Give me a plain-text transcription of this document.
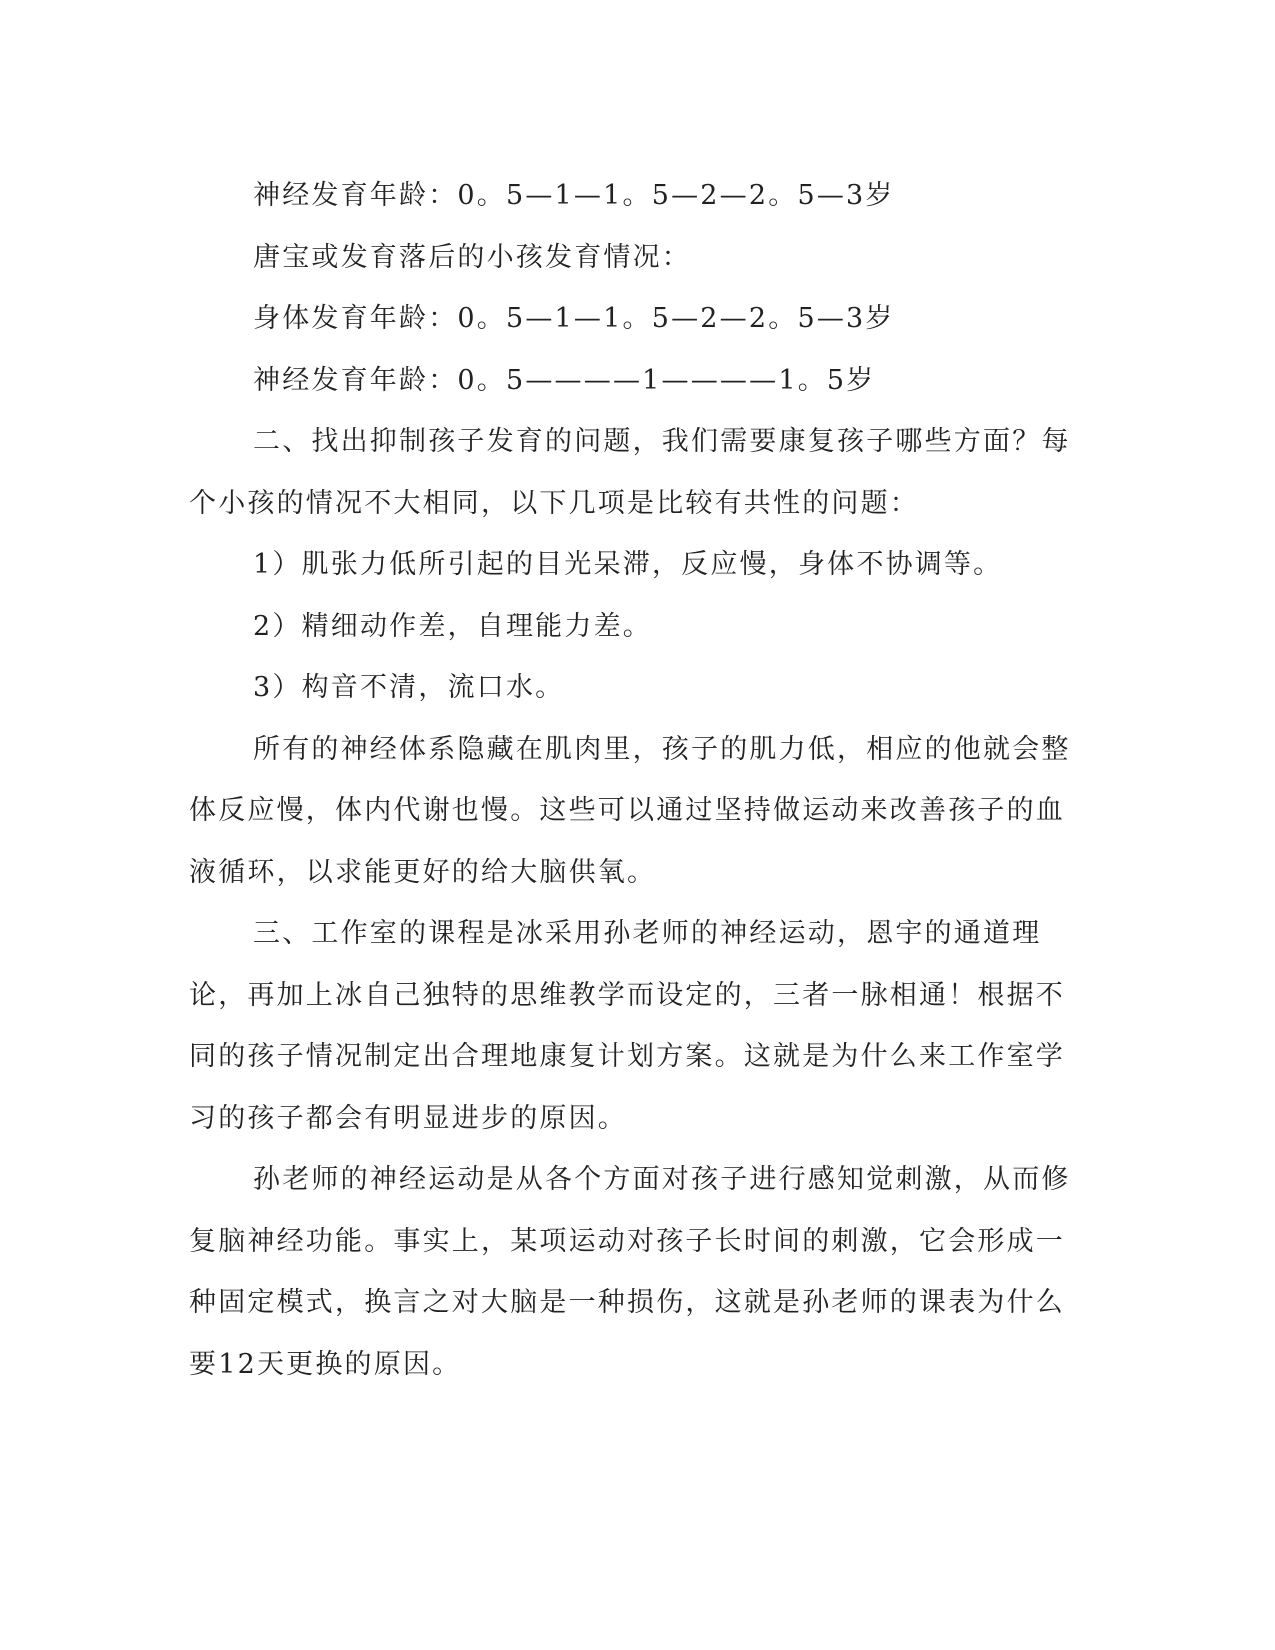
神经发育年龄：0。5—1—1。5—2—2。5—3岁

唐宝或发育落后的小孩发育情况：

身体发育年龄：0。5—1—1。5—2—2。5—3岁

神经发育年龄：0。5————1————1。5岁

二、找出抑制孩子发育的问题，我们需要康复孩子哪些方面？每个小孩的情况不大相同，以下几项是比较有共性的问题：

1）肌张力低所引起的目光呆滞，反应慢，身体不协调等。

2）精细动作差，自理能力差。

3）构音不清，流口水。

所有的神经体系隐藏在肌肉里，孩子的肌力低，相应的他就会整体反应慢，体内代谢也慢。这些可以通过坚持做运动来改善孩子的血液循环，以求能更好的给大脑供氧。

三、工作室的课程是冰采用孙老师的神经运动，恩宇的通道理论，再加上冰自己独特的思维教学而设定的，三者一脉相通！根据不同的孩子情况制定出合理地康复计划方案。这就是为什么来工作室学习的孩子都会有明显进步的原因。

孙老师的神经运动是从各个方面对孩子进行感知觉刺激，从而修复脑神经功能。事实上，某项运动对孩子长时间的刺激，它会形成一种固定模式，换言之对大脑是一种损伤，这就是孙老师的课表为什么要12天更换的原因。
